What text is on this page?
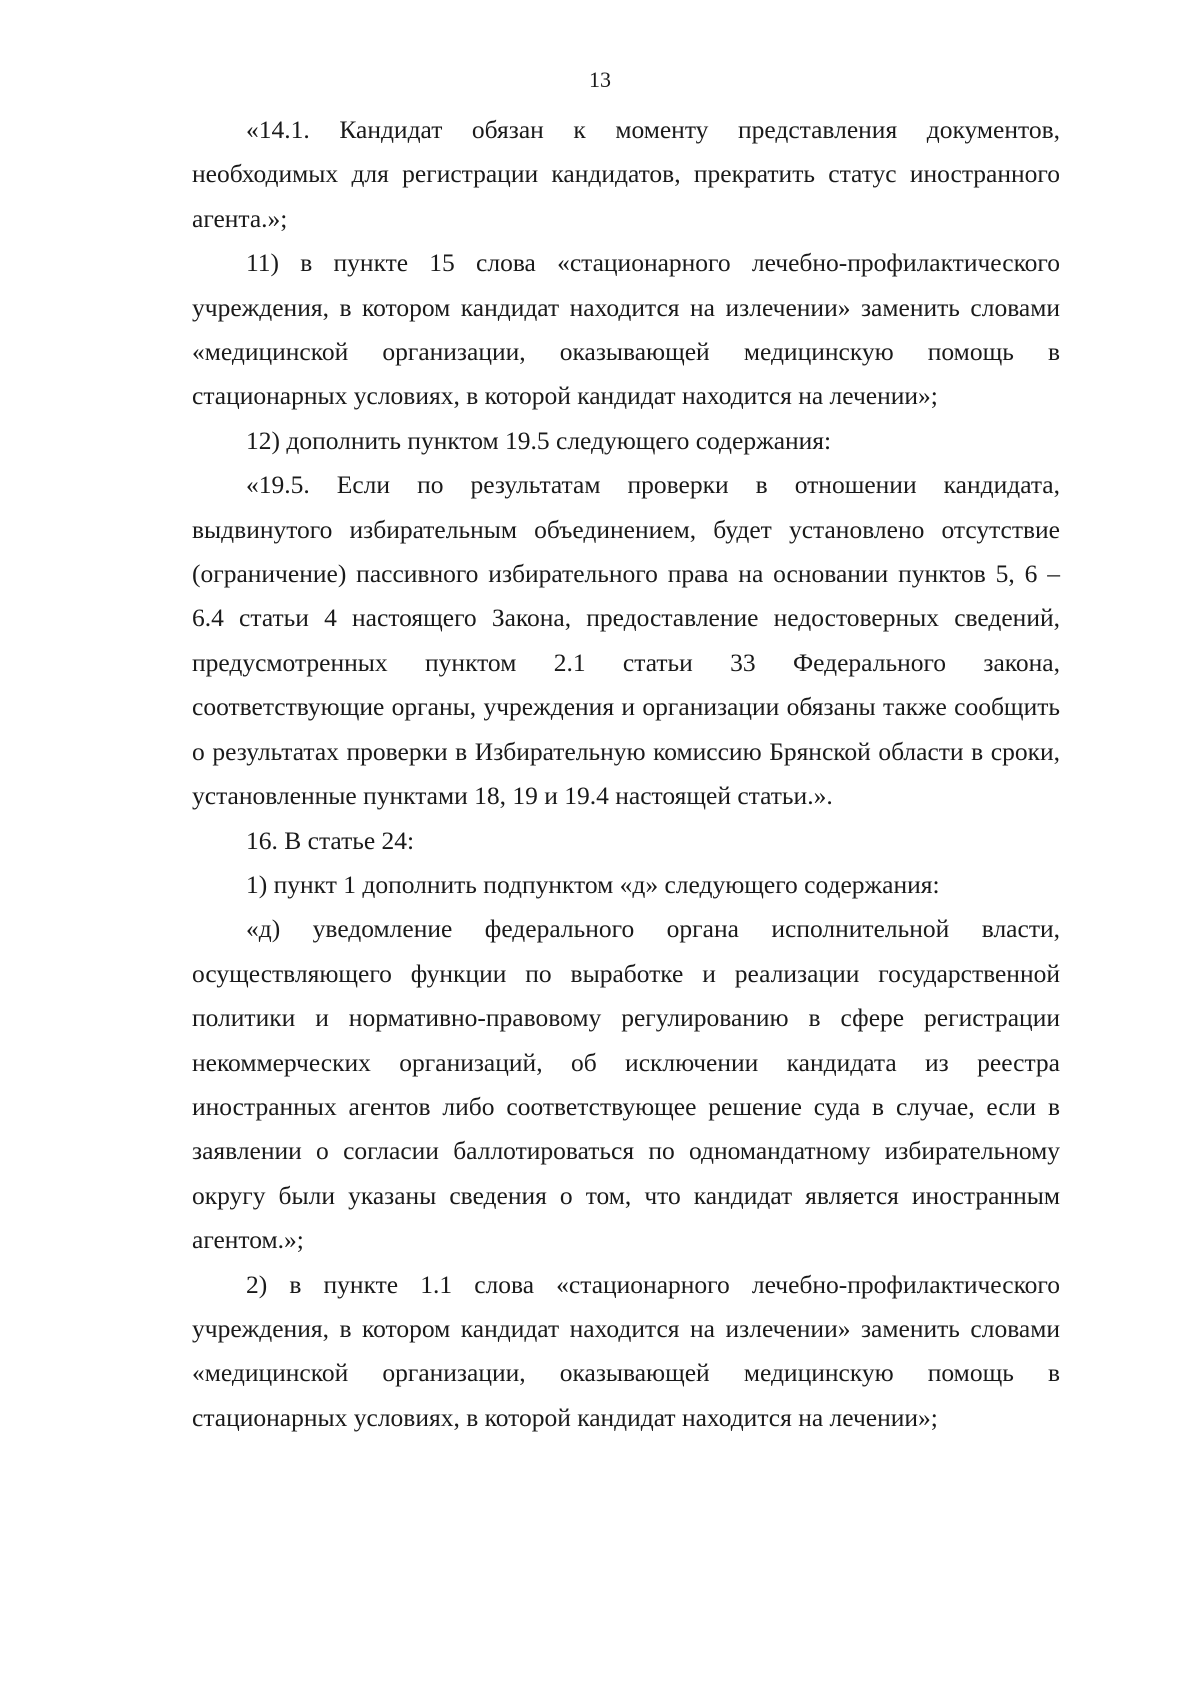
13

«14.1. Кандидат обязан к моменту представления документов, необходимых для регистрации кандидатов, прекратить статус иностранного агента.»;

11) в пункте 15 слова «стационарного лечебно-профилактического учреждения, в котором кандидат находится на излечении» заменить словами «медицинской организации, оказывающей медицинскую помощь в стационарных условиях, в которой кандидат находится на лечении»;

12) дополнить пунктом 19.5 следующего содержания:

«19.5. Если по результатам проверки в отношении кандидата, выдвинутого избирательным объединением, будет установлено отсутствие (ограничение) пассивного избирательного права на основании пунктов 5, 6 – 6.4 статьи 4 настоящего Закона, предоставление недостоверных сведений, предусмотренных пунктом 2.1 статьи 33 Федерального закона, соответствующие органы, учреждения и организации обязаны также сообщить о результатах проверки в Избирательную комиссию Брянской области в сроки, установленные пунктами 18, 19 и 19.4 настоящей статьи.».

16. В статье 24:

1) пункт 1 дополнить подпунктом «д» следующего содержания:

«д) уведомление федерального органа исполнительной власти, осуществляющего функции по выработке и реализации государственной политики и нормативно-правовому регулированию в сфере регистрации некоммерческих организаций, об исключении кандидата из реестра иностранных агентов либо соответствующее решение суда в случае, если в заявлении о согласии баллотироваться по одномандатному избирательному округу были указаны сведения о том, что кандидат является иностранным агентом.»;

2) в пункте 1.1 слова «стационарного лечебно-профилактического учреждения, в котором кандидат находится на излечении» заменить словами «медицинской организации, оказывающей медицинскую помощь в стационарных условиях, в которой кандидат находится на лечении»;
